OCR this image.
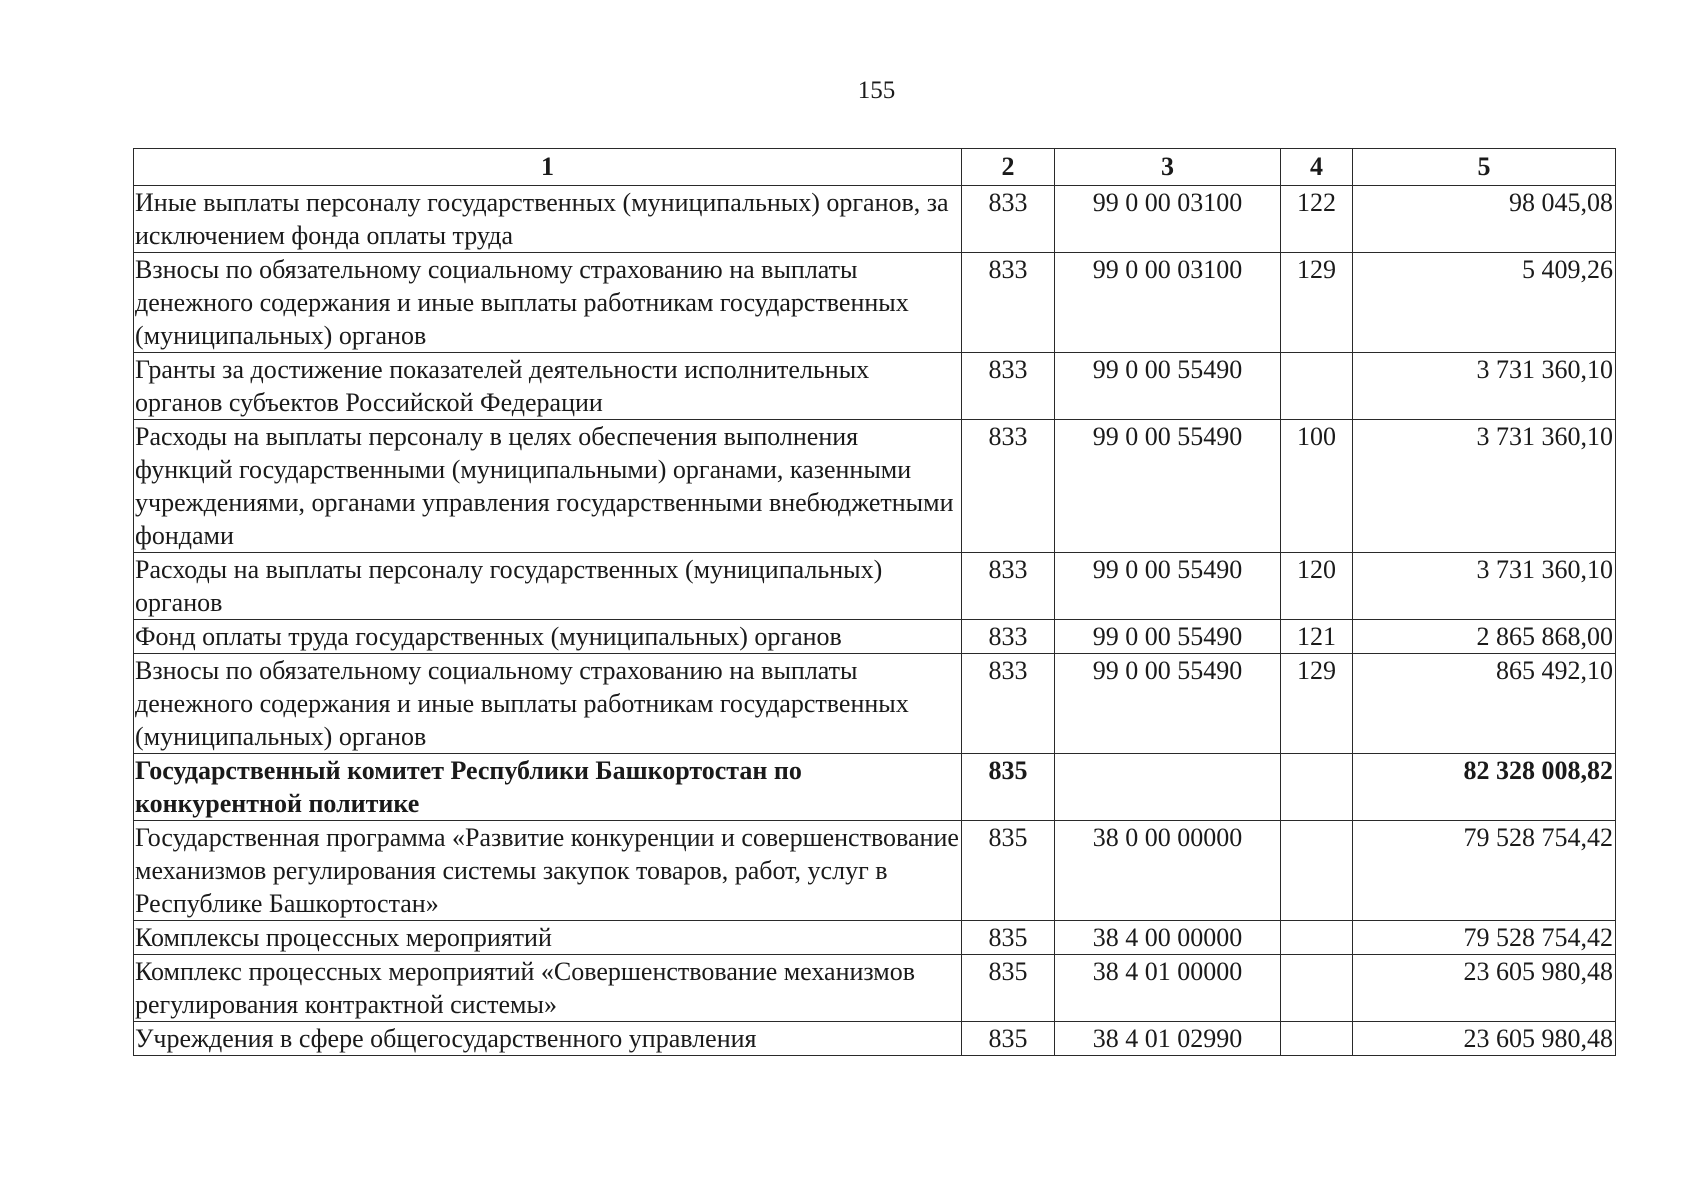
155
1	2	3	4	5
Иные выплаты персоналу государственных (муниципальных) органов, за исключением фонда оплаты труда	833	99 0 00 03100	122	98 045,08
Взносы по обязательному социальному страхованию на выплаты денежного содержания и иные выплаты работникам государственных (муниципальных) органов	833	99 0 00 03100	129	5 409,26
Гранты за достижение показателей деятельности исполнительных органов субъектов Российской Федерации	833	99 0 00 55490		3 731 360,10
Расходы на выплаты персоналу в целях обеспечения выполнения функций государственными (муниципальными) органами, казенными учреждениями, органами управления государственными внебюджетными фондами	833	99 0 00 55490	100	3 731 360,10
Расходы на выплаты персоналу государственных (муниципальных) органов	833	99 0 00 55490	120	3 731 360,10
Фонд оплаты труда государственных (муниципальных) органов	833	99 0 00 55490	121	2 865 868,00
Взносы по обязательному социальному страхованию на выплаты денежного содержания и иные выплаты работникам государственных (муниципальных) органов	833	99 0 00 55490	129	865 492,10
Государственный комитет Республики Башкортостан по конкурентной политике	835			82 328 008,82
Государственная программа «Развитие конкуренции и совершенствование механизмов регулирования системы закупок товаров, работ, услуг в Республике Башкортостан»	835	38 0 00 00000		79 528 754,42
Комплексы процессных мероприятий	835	38 4 00 00000		79 528 754,42
Комплекс процессных мероприятий «Совершенствование механизмов регулирования контрактной системы»	835	38 4 01 00000		23 605 980,48
Учреждения в сфере общегосударственного управления	835	38 4 01 02990		23 605 980,48
